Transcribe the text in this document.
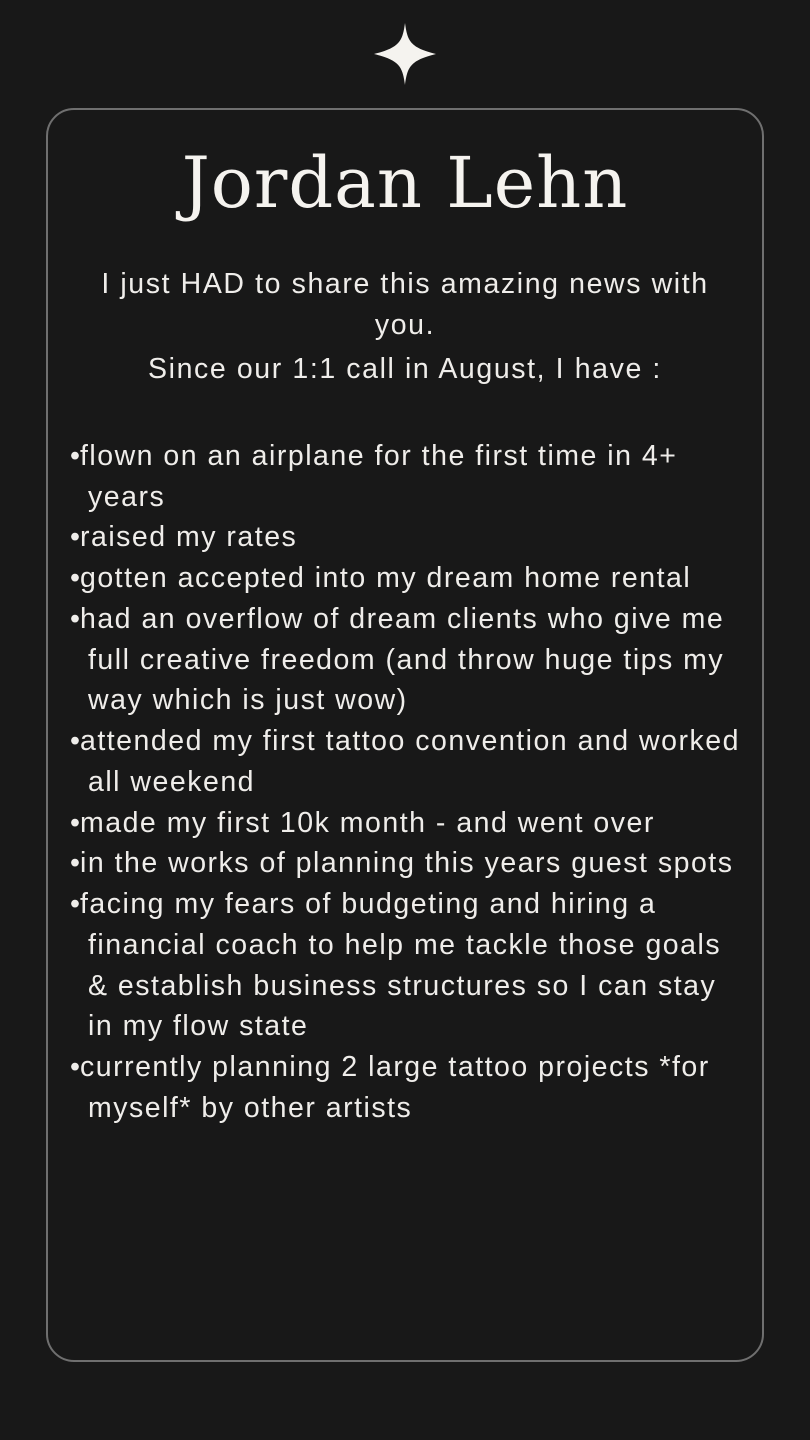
Jordan Lehn

I just HAD to share this amazing news with you.

Since our 1:1 call in August, I have :

•flown on an airplane for the first time in 4+ years

•raised my rates

•gotten accepted into my dream home rental

•had an overflow of dream clients who give me full creative freedom (and throw huge tips my way which is just wow)

•attended my first tattoo convention and worked all weekend

•made my first 10k month - and went over

•in the works of planning this years guest spots

•facing my fears of budgeting and hiring a financial coach to help me tackle those goals & establish business structures so I can stay in my flow state

•currently planning 2 large tattoo projects *for myself* by other artists
